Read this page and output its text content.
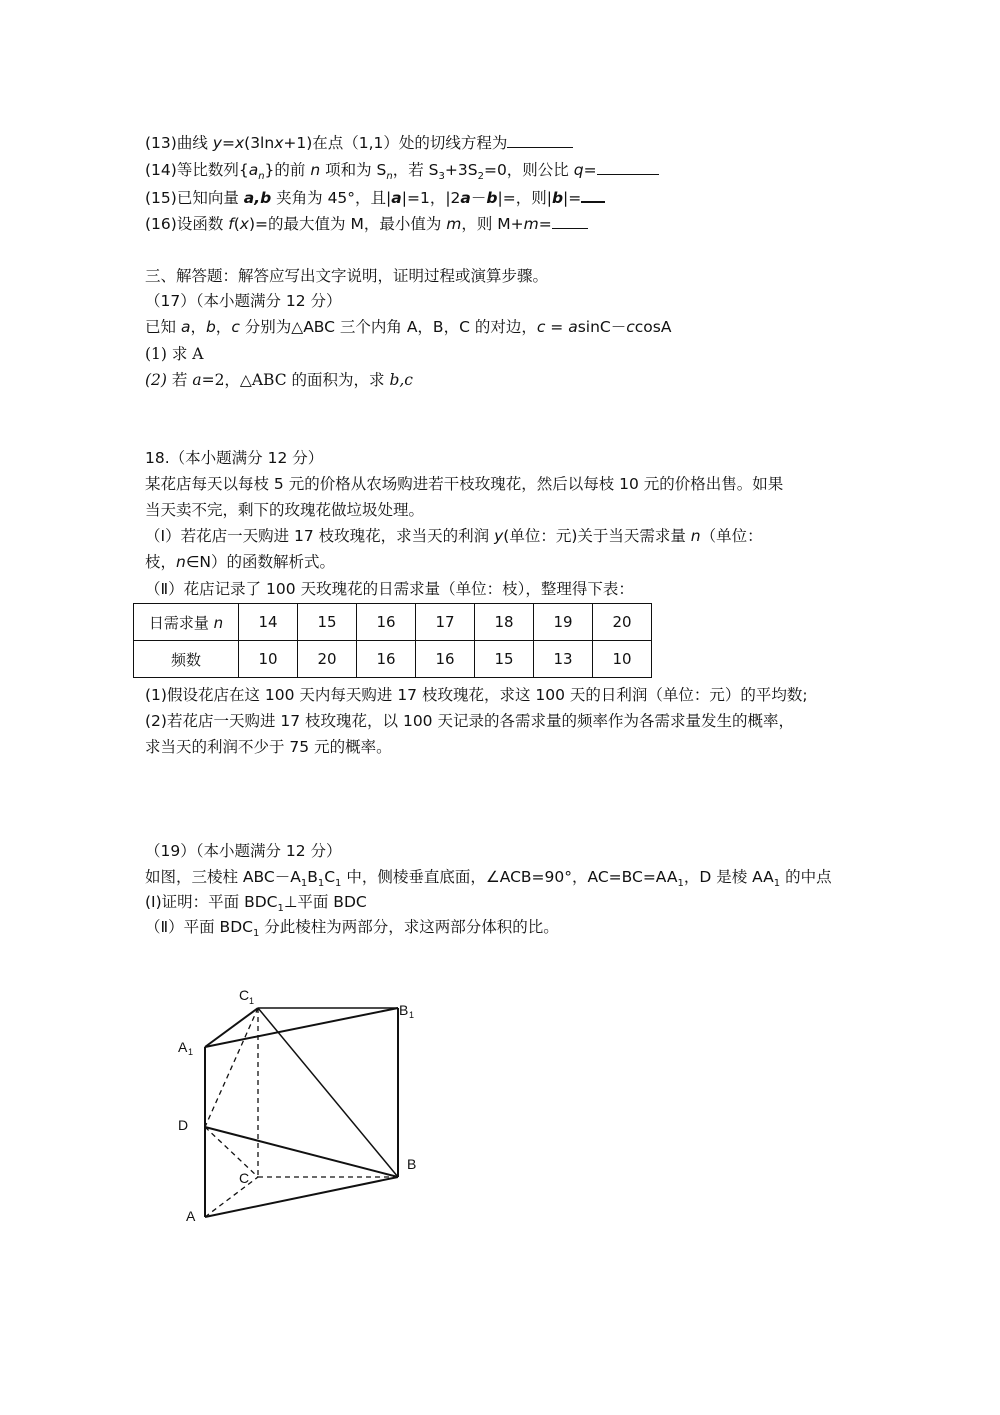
(13)曲线 y=x(3lnx+1)在点（1,1）处的切线方程为
(14)等比数列$\{a_n\}$的前 n 项和为 $S_n$，若 $S_3+3S_2=0$，则公比 q=
(15)已知向量 a,b 夹角为 45°，且|a|=1，|2a－b|=，则|b|=
(16)设函数 f(x)=的最大值为 M，最小值为 m，则 M+m=
三、解答题：解答应写出文字说明，证明过程或演算步骤。
（17）（本小题满分 12 分）
已知 a，b，c 分别为△ABC 三个内角 A，B，C 的对边，c = asinC－ccosA
(1) 求 A
(2) 若 a=2，△ABC 的面积为，求 b,c
18.（本小题满分 12 分）
某花店每天以每枝 5 元的价格从农场购进若干枝玫瑰花，然后以每枝 10 元的价格出售。如果
当天卖不完，剩下的玫瑰花做垃圾处理。
（Ⅰ）若花店一天购进 17 枝玫瑰花，求当天的利润 y(单位：元)关于当天需求量 n（单位：
枝，n∈N）的函数解析式。
（Ⅱ）花店记录了 100 天玫瑰花的日需求量（单位：枝），整理得下表：
日需求量 n	14	15	16	17	18	19	20
频数	10	20	16	16	15	13	10
(1)假设花店在这 100 天内每天购进 17 枝玫瑰花，求这 100 天的日利润（单位：元）的平均数;
(2)若花店一天购进 17 枝玫瑰花，以 100 天记录的各需求量的频率作为各需求量发生的概率，
求当天的利润不少于 75 元的概率。
（19）（本小题满分 12 分）
如图，三棱柱 $ABC-A_1B_1C_1$ 中，侧棱垂直底面，∠ACB=90°，$AC=BC=AA_1$，D 是棱 $AA_1$ 的中点
(Ⅰ)证明：平面 $BDC_1\perp$平面 BDC
（Ⅱ）平面 $BDC_1$ 分此棱柱为两部分，求这两部分体积的比。
C 1
B 1
A 1
D
B
C
A
